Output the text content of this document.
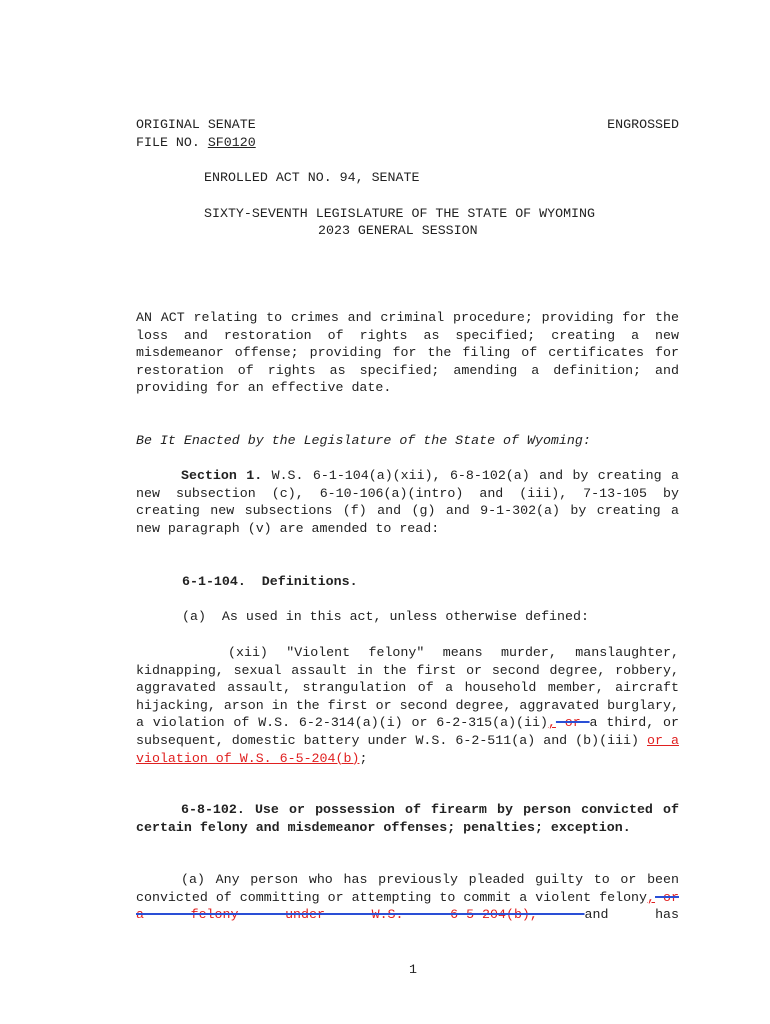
ORIGINAL SENATE	ENGROSSED
FILE NO. SF0120
ENROLLED ACT NO. 94, SENATE
SIXTY-SEVENTH LEGISLATURE OF THE STATE OF WYOMING
2023 GENERAL SESSION
AN ACT relating to crimes and criminal procedure; providing for the loss and restoration of rights as specified; creating a new misdemeanor offense; providing for the filing of certificates for restoration of rights as specified; amending a definition; and providing for an effective date.
Be It Enacted by the Legislature of the State of Wyoming:
Section 1. W.S. 6-1-104(a)(xii), 6-8-102(a) and by creating a new subsection (c), 6-10-106(a)(intro) and (iii), 7-13-105 by creating new subsections (f) and (g) and 9-1-302(a) by creating a new paragraph (v) are amended to read:
6-1-104.  Definitions.
(a)  As used in this act, unless otherwise defined:
(xii) "Violent felony" means murder, manslaughter, kidnapping, sexual assault in the first or second degree, robbery, aggravated assault, strangulation of a household member, aircraft hijacking, arson in the first or second degree, aggravated burglary, a violation of W.S. 6-2-314(a)(i) or 6-2-315(a)(ii), or a third, or subsequent, domestic battery under W.S. 6-2-511(a) and (b)(iii) or a violation of W.S. 6-5-204(b);
6-8-102. Use or possession of firearm by person convicted of certain felony and misdemeanor offenses; penalties; exception.
(a) Any person who has previously pleaded guilty to or been convicted of committing or attempting to commit a violent felony, or a felony under W.S. 6-5-204(b), and has
1
